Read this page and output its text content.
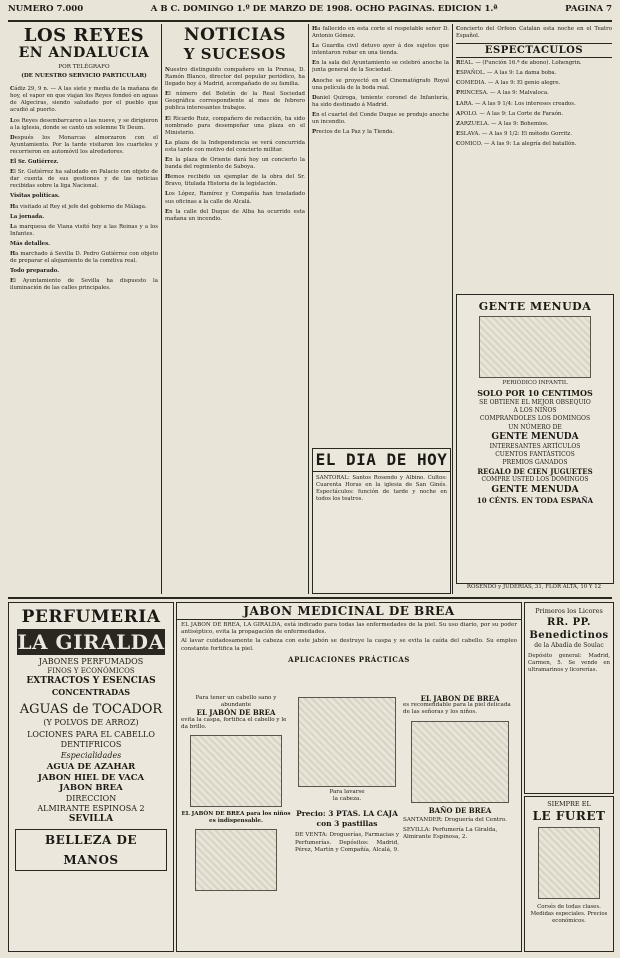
NUMERO 7.000	A B C. DOMINGO 1.º DE MARZO DE 1908. OCHO PAGINAS. EDICION 1.ª	PAGINA 7
LOS REYES
EN ANDALUCIA
POR TELÉGRAFO
(DE NUESTRO SERVICIO PARTICULAR)

Cádiz 29, 9 n. — A las siete y media de la mañana de hoy, el vapor en que viajan los Reyes fondeó en aguas de Algeciras, siendo saludado por el pueblo que acudió al puerto.

Los Reyes desembarcaron a las nueve, y se dirigieron a la iglesia, donde se cantó un solemne Te Deum.

Después los Monarcas almorzaron con el Ayuntamiento. Por la tarde visitaron los cuarteles y recorrieron en automóvil los alrededores.

El Sr. Gutiérrez.

El Sr. Gutiérrez ha saludado en Palacio con objeto de dar cuenta de sus gestiones y de las noticias recibidas sobre la liga Nacional.

Visitas políticas.

Ha visitado al Rey el jefe del gobierno de Málaga.

La jornada.

La marquesa de Viana visitó hoy a las Reinas y a los Infantes.

Más detalles.

Ha marchado á Sevilla D. Pedro Gutiérrez con objeto de preparar el alojamiento de la comitiva real.

Todo preparado.

El Ayuntamiento de Sevilla ha dispuesto la iluminación de las calles principales.

NOTICIAS
Y SUCESOS

Nuestro distinguido compañero en la Prensa, D. Ramón Blanco, director del popular periódico, ha llegado hoy á Madrid, acompañado de su familia.

El número del Boletín de la Real Sociedad Geográfica correspondiente al mes de febrero publica interesantes trabajos.

El Ricardo Ruiz, compañero de redacción, ha sido nombrado para desempeñar una plaza en el Ministerio.

La plaza de la Independencia se verá concurrida esta tarde con motivo del concierto militar.

En la plaza de Oriente dará hoy un concierto la banda del regimiento de Saboya.

Hemos recibido un ejemplar de la obra del Sr. Bravo, titulada Historia de la legislación.

Los López, Ramírez y Compañía han trasladado sus oficinas a la calle de Alcalá.

En la calle del Duque de Alba ha ocurrido esta mañana un incendio.

Ha fallecido en esta corte el respetable señor D. Antonio Gómez.

La Guardia civil detuvo ayer á dos sujetos que intentaron robar en una tienda.

En la sala del Ayuntamiento se celebró anoche la junta general de la Sociedad.

Anoche se proyectó en el Cinematógrafo Royal una película de la boda real.

Daniel Quiroga, teniente coronel de Infantería, ha sido destinado á Madrid.

En el cuartel del Conde Duque se produjo anoche un incendio.

Precios de La Paz y la Tienda.

EL DIA DE HOY
SANTORAL: Santos Rosendo y Albino. Cultos: Cuarenta Horas en la iglesia de San Ginés. Espectáculos: función de tarde y noche en todos los teatros.

Concierto del Orfeón Catalán esta noche en el Teatro Español.

ESPECTACULOS

REAL. — (Función 16.ª de abono). Lohengrin.

ESPAÑOL. — A las 9: La dama boba.

COMEDIA. — A las 9: El genio alegre.

PRINCESA. — A las 9: Malvaloca.

LARA. — A las 9 1/4: Los intereses creados.

APOLO. — A las 9: La Corte de Faraón.

ZARZUELA. — A las 9: Bohemios.

ESLAVA. — A las 9 1/2: El método Gorritz.

COMICO. — A las 9: La alegría del batallón.

GENTE MENUDA
PERIÓDICO INFANTIL
SOLO POR 10 CENTIMOS
SE OBTIENE EL MEJOR OBSEQUIO
A LOS NIÑOS
COMPRANDOLES LOS DOMINGOS
UN NÚMERO DE
GENTE MENUDA
INTERESANTES ARTÍCULOS
CUENTOS FANTÁSTICOS
PREMIOS GANADOS
REGALO DE CIEN JUGUETES
COMPRE USTED LOS DOMINGOS
GENTE MENUDA
10 CÉNTS. EN TODA ESPAÑA
ROSENDO y JUDERÍAS, 31, FLOR ALTA, 10 Y 12
PERFUMERIA
LA GIRALDA
JABONES PERFUMADOS
FINOS Y ECONÓMICOS
EXTRACTOS Y ESENCIAS
CONCENTRADAS
AGUAS de TOCADOR
(Y POLVOS DE ARROZ)
LOCIONES PARA EL CABELLO
DENTIFRICOS
Especialidades
AGUA DE AZAHAR
JABON HIEL DE VACA
JABON BREA
DIRECCION
ALMIRANTE ESPINOSA 2
SEVILLA
BELLEZA DE MANOS
JABON MEDICINAL DE BREA
EL JABON DE BREA, LA GIRALDA, está indicado para todas las enfermedades de la piel. Su uso diario, por su poder antiséptico, evita la propagación de enfermedades.
Al lavar cuidadosamente la cabeza con este jabón se destruye la caspa y se evita la caída del cabello. Su empleo constante fortifica la piel.
APLICACIONES PRÁCTICAS
Para tener un cabello sano y abundante
EL JABÓN DE BREA
evita la caspa, fortifica el cabello y le da brillo.
EL JABÓN DE BREA para los niños es indispensable.
Para lavarse
la cabeza.
Precio: 3 PTAS. LA CAJA con 3 pastillas
DE VENTA: Droguerías, Farmacias y Perfumerías. Depósitos: Madrid, Pérez, Martín y Compañía, Alcalá, 9.
EL JABÓN DE BREA
es recomendable para la piel delicada de las señoras y los niños.
BAÑO DE BREA
SANTANDER: Droguería del Centro.
SEVILLA: Perfumería La Giralda, Almirante Espinosa, 2.
Primeros los Licores
RR. PP. Benedictinos
de la Abadía de Soulac
Depósito general: Madrid, Carmen, 5. Se vende en ultramarinos y licorerías.
SIEMPRE EL
LE FURET
Corsés de todas clases. Medidas especiales. Precios económicos.
